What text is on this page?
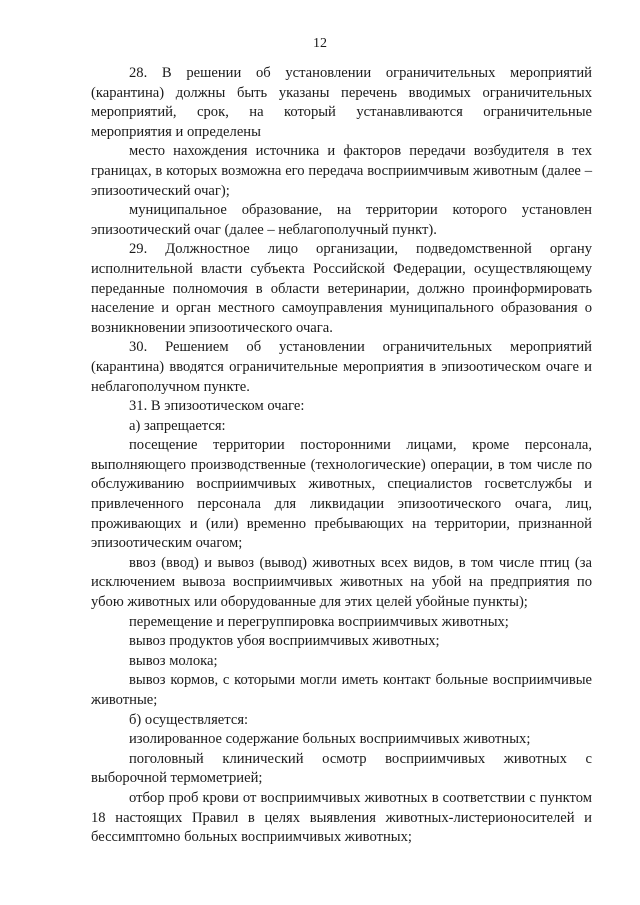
12

28. В решении об установлении ограничительных мероприятий (карантина) должны быть указаны перечень вводимых ограничительных мероприятий, срок, на который устанавливаются ограничительные мероприятия и определены

место нахождения источника и факторов передачи возбудителя в тех границах, в которых возможна его передача восприимчивым животным (далее – эпизоотический очаг);

муниципальное образование, на территории которого установлен эпизоотический очаг (далее – неблагополучный пункт).

29. Должностное лицо организации, подведомственной органу исполнительной власти субъекта Российской Федерации, осуществляющему переданные полномочия в области ветеринарии, должно проинформировать население и орган местного самоуправления муниципального образования о возникновении эпизоотического очага.

30. Решением об установлении ограничительных мероприятий (карантина) вводятся ограничительные мероприятия в эпизоотическом очаге и неблагополучном пункте.

31. В эпизоотическом очаге:

а) запрещается:

посещение территории посторонними лицами, кроме персонала, выполняющего производственные (технологические) операции, в том числе по обслуживанию восприимчивых животных, специалистов госветслужбы и привлеченного персонала для ликвидации эпизоотического очага, лиц, проживающих и (или) временно пребывающих на территории, признанной эпизоотическим очагом;

ввоз (ввод) и вывоз (вывод) животных всех видов, в том числе птиц (за исключением вывоза восприимчивых животных на убой на предприятия по убою животных или оборудованные для этих целей убойные пункты);

перемещение и перегруппировка восприимчивых животных;

вывоз продуктов убоя восприимчивых животных;

вывоз молока;

вывоз кормов, с которыми могли иметь контакт больные восприимчивые животные;

б) осуществляется:

изолированное содержание больных восприимчивых животных;

поголовный клинический осмотр восприимчивых животных с выборочной термометрией;

отбор проб крови от восприимчивых животных в соответствии с пунктом 18 настоящих Правил в целях выявления животных-листерионосителей и бессимптомно больных восприимчивых животных;
